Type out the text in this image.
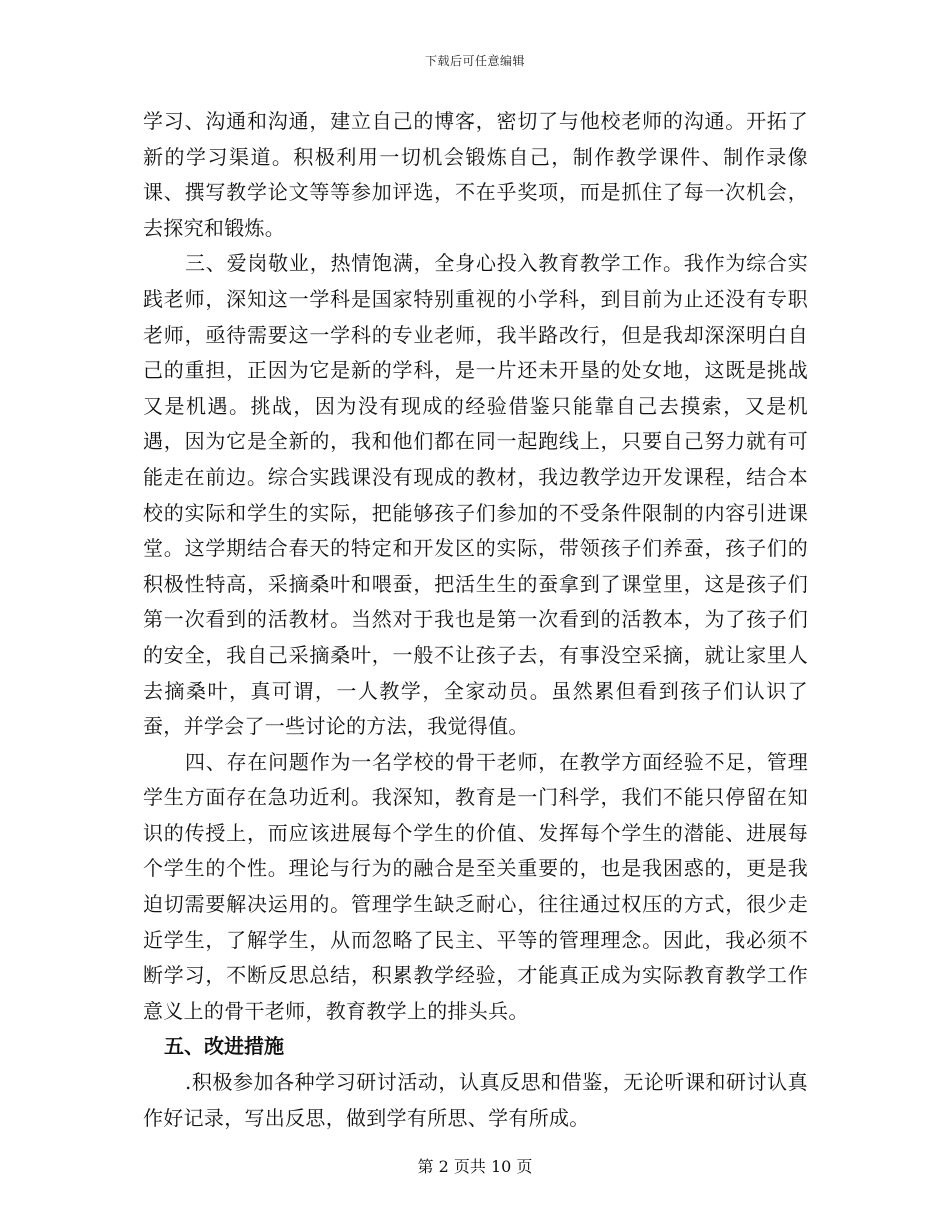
下载后可任意编辑

学习、沟通和沟通，建立自己的博客，密切了与他校老师的沟通。开拓了新的学习渠道。积极利用一切机会锻炼自己，制作教学课件、制作录像课、撰写教学论文等等参加评选，不在乎奖项，而是抓住了每一次机会，去探究和锻炼。

三、爱岗敬业，热情饱满，全身心投入教育教学工作。我作为综合实践老师，深知这一学科是国家特别重视的小学科，到目前为止还没有专职老师，亟待需要这一学科的专业老师，我半路改行，但是我却深深明白自己的重担，正因为它是新的学科，是一片还未开垦的处女地，这既是挑战又是机遇。挑战，因为没有现成的经验借鉴只能靠自己去摸索，又是机遇，因为它是全新的，我和他们都在同一起跑线上，只要自己努力就有可能走在前边。综合实践课没有现成的教材，我边教学边开发课程，结合本校的实际和学生的实际，把能够孩子们参加的不受条件限制的内容引进课堂。这学期结合春天的特定和开发区的实际，带领孩子们养蚕，孩子们的积极性特高，采摘桑叶和喂蚕，把活生生的蚕拿到了课堂里，这是孩子们第一次看到的活教材。当然对于我也是第一次看到的活教本，为了孩子们的安全，我自己采摘桑叶，一般不让孩子去，有事没空采摘，就让家里人去摘桑叶，真可谓，一人教学，全家动员。虽然累但看到孩子们认识了蚕，并学会了一些讨论的方法，我觉得值。

四、存在问题作为一名学校的骨干老师，在教学方面经验不足，管理学生方面存在急功近利。我深知，教育是一门科学，我们不能只停留在知识的传授上，而应该进展每个学生的价值、发挥每个学生的潜能、进展每个学生的个性。理论与行为的融合是至关重要的，也是我困惑的，更是我迫切需要解决运用的。管理学生缺乏耐心，往往通过权压的方式，很少走近学生，了解学生，从而忽略了民主、平等的管理理念。因此，我必须不断学习，不断反思总结，积累教学经验，才能真正成为实际教育教学工作意义上的骨干老师，教育教学上的排头兵。

五、改进措施

.积极参加各种学习研讨活动，认真反思和借鉴，无论听课和研讨认真作好记录，写出反思，做到学有所思、学有所成。

第 2 页共 10 页
